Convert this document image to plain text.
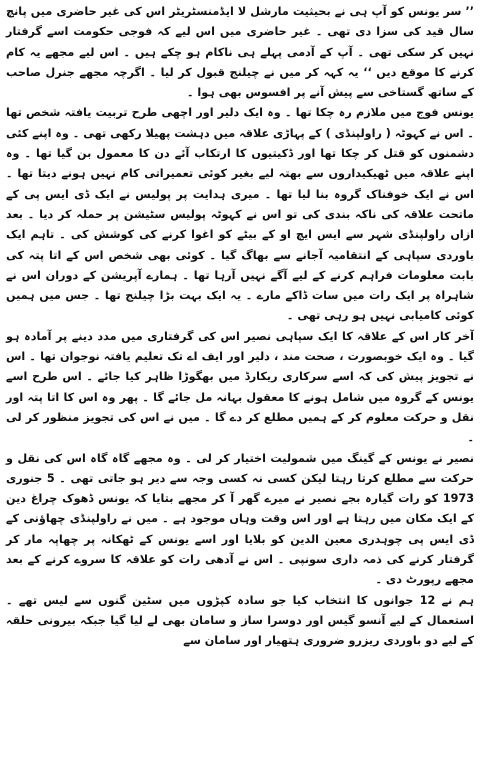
’’ سر یونس کو آپ ہی نے بحیثیت مارشل لا ایڈمنسٹریٹر اس کی غیر حاضری میں پانچ سال قید کی سزا دی تھی ۔ غیر حاضری میں اس لیے کہ فوجی حکومت اسے گرفتار نہیں کر سکی تھی ۔ آپ کے آدمی پہلے ہی ناکام ہو چکے ہیں ۔ اس لیے مجھے یہ کام کرنے کا موقع دیں ‘‘ یہ کہہ کر میں نے چیلنج قبول کر لیا ۔ اگرچہ مجھے جنرل صاحب کے ساتھ گستاخی سے پیش آنے پر افسوس بھی ہوا ۔

یونس فوج میں ملازم رہ چکا تھا ۔ وہ ایک دلیر اور اچھی طرح تربیت یافتہ شخص تھا ۔ اس نے کہوٹہ ( راولپنڈی ) کے پہاڑی علاقہ میں دہشت پھیلا رکھی تھی ۔ وہ اپنے کئی دشمنوں کو قتل کر چکا تھا اور ڈکیتیوں کا ارتکاب آئے دن کا معمول بن گیا تھا ۔ وہ اپنے علاقہ میں ٹھیکیداروں سے بھتہ لیے بغیر کوئی تعمیراتی کام نہیں ہونے دیتا تھا ۔ اس نے ایک خوفناک گروہ بنا لیا تھا ۔ میری ہدایت پر پولیس نے ایک ڈی ایس پی کے ماتحت علاقہ کی ناکہ بندی کی تو اس نے کہوٹہ پولیس سٹیشن پر حملہ کر دیا ۔ بعد ازاں راولپنڈی شہر سے ایس ایچ او کے بیٹے کو اغوا کرنے کی کوشش کی ۔ تاہم ایک باوردی سپاہی کے انتقامیہ آجانے سے بھاگ گیا ۔ کوئی بھی شخص اس کے اتا پتہ کی بابت معلومات فراہم کرنے کے لیے آگے نہیں آرہا تھا ۔ ہمارے آپریشن کے دوران اس نے شاہراہ پر ایک رات میں سات ڈاکے مارے ۔ یہ ایک بہت بڑا چیلنج تھا ۔ جس میں ہمیں کوئی کامیابی نہیں ہو رہی تھی ۔

آخر کار اس کے علاقہ کا ایک سپاہی نصیر اس کی گرفتاری میں مدد دینے پر آمادہ ہو گیا ۔ وہ ایک خوبصورت ، صحت مند ، دلیر اور ایف اے تک تعلیم یافتہ نوجوان تھا ۔ اس نے تجویز پیش کی کہ اسے سرکاری ریکارڈ میں بھگوڑا ظاہر کیا جائے ۔ اس طرح اسے یونس کے گروہ میں شامل ہونے کا معقول بہانہ مل جائے گا ۔ پھر وہ اس کا اتا پتہ اور نقل و حرکت معلوم کر کے ہمیں مطلع کر دے گا ۔ میں نے اس کی تجویز منظور کر لی ۔

نصیر نے یونس کے گینگ میں شمولیت اختیار کر لی ۔ وہ مجھے گاہ گاہ اس کی نقل و حرکت سے مطلع کرتا رہتا لیکن کسی نہ کسی وجہ سے دیر ہو جاتی تھی ۔ 5 جنوری 1973 کو رات گیارہ بجے نصیر نے میرے گھر آ کر مجھے بتایا کہ یونس ڈھوک چراغ دین کے ایک مکان میں رہتا ہے اور اس وقت وہاں موجود ہے ۔ میں نے راولپنڈی چھاؤنی کے ڈی ایس پی چوہدری معین الدین کو بلایا اور اسے یونس کے ٹھکانہ پر چھاپہ مار کر گرفتار کرنے کی ذمہ داری سونپی ۔ اس نے آدھی رات کو علاقہ کا سروے کرنے کے بعد مجھے رپورٹ دی ۔

ہم نے 12 جوانوں کا انتخاب کیا جو سادہ کپڑوں میں سٹین گنوں سے لیس تھے ۔ استعمال کے لیے آنسو گیس اور دوسرا ساز و سامان بھی لے لیا گیا جبکہ بیرونی حلقہ کے لیے دو باوردی ریزرو ضروری ہتھیار اور سامان سے
